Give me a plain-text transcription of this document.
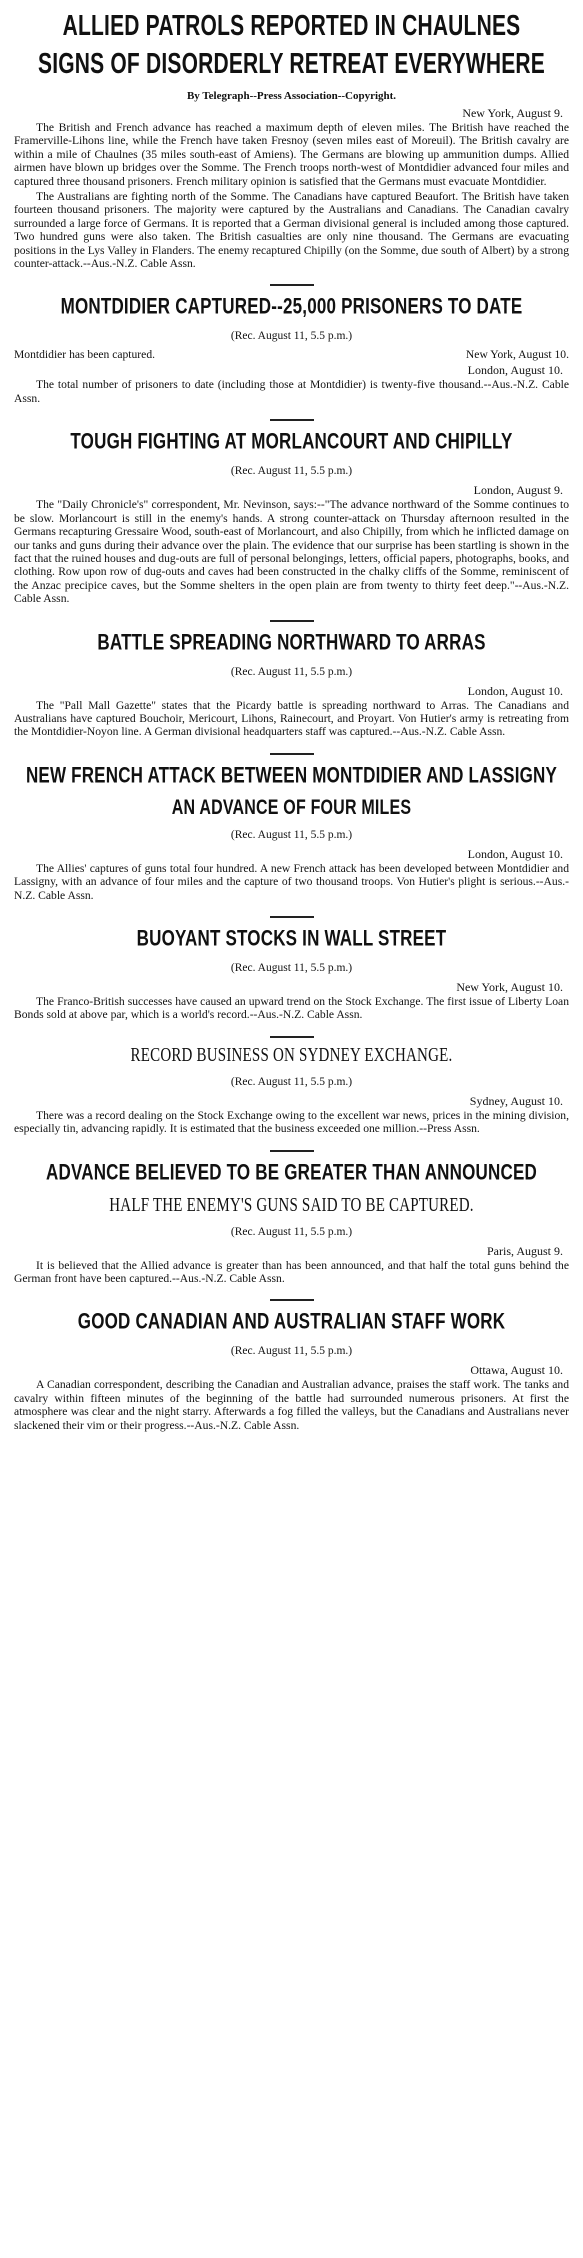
ALLIED PATROLS REPORTED IN CHAULNES
SIGNS OF DISORDERLY RETREAT EVERYWHERE
By Telegraph--Press Association--Copyright.
New York, August 9.

The British and French advance has reached a maximum depth of eleven miles. The British have reached the Framerville-Lihons line, while the French have taken Fresnoy (seven miles east of Moreuil). The British cavalry are within a mile of Chaulnes (35 miles south-east of Amiens). The Germans are blowing up ammunition dumps. Allied airmen have blown up bridges over the Somme. The French troops north-west of Montdidier advanced four miles and captured three thousand prisoners. French military opinion is satisfied that the Germans must evacuate Montdidier.

The Australians are fighting north of the Somme. The Canadians have captured Beaufort. The British have taken fourteen thousand prisoners. The majority were captured by the Australians and Canadians. The Canadian cavalry surrounded a large force of Germans. It is reported that a German divisional general is included among those captured. Two hundred guns were also taken. The British casualties are only nine thousand. The Germans are evacuating positions in the Lys Valley in Flanders. The enemy recaptured Chipilly (on the Somme, due south of Albert) by a strong counter-attack.--Aus.-N.Z. Cable Assn.

MONTDIDIER CAPTURED--25,000 PRISONERS TO DATE
(Rec. August 11, 5.5 p.m.)
Montdidier has been captured.	New York, August 10.
London, August 10.

The total number of prisoners to date (including those at Montdidier) is twenty-five thousand.--Aus.-N.Z. Cable Assn.

TOUGH FIGHTING AT MORLANCOURT AND CHIPILLY
(Rec. August 11, 5.5 p.m.)
London, August 9.

The "Daily Chronicle's" correspondent, Mr. Nevinson, says:--"The advance northward of the Somme continues to be slow. Morlancourt is still in the enemy's hands. A strong counter-attack on Thursday afternoon resulted in the Germans recapturing Gressaire Wood, south-east of Morlancourt, and also Chipilly, from which he inflicted damage on our tanks and guns during their advance over the plain. The evidence that our surprise has been startling is shown in the fact that the ruined houses and dug-outs are full of personal belongings, letters, official papers, photographs, books, and clothing. Row upon row of dug-outs and caves had been constructed in the chalky cliffs of the Somme, reminiscent of the Anzac precipice caves, but the Somme shelters in the open plain are from twenty to thirty feet deep."--Aus.-N.Z. Cable Assn.

BATTLE SPREADING NORTHWARD TO ARRAS
(Rec. August 11, 5.5 p.m.)
London, August 10.

The "Pall Mall Gazette" states that the Picardy battle is spreading northward to Arras. The Canadians and Australians have captured Bouchoir, Mericourt, Lihons, Rainecourt, and Proyart. Von Hutier's army is retreating from the Montdidier-Noyon line. A German divisional headquarters staff was captured.--Aus.-N.Z. Cable Assn.

NEW FRENCH ATTACK BETWEEN MONTDIDIER AND LASSIGNY
AN ADVANCE OF FOUR MILES
(Rec. August 11, 5.5 p.m.)
London, August 10.

The Allies' captures of guns total four hundred. A new French attack has been developed between Montdidier and Lassigny, with an advance of four miles and the capture of two thousand troops. Von Hutier's plight is serious.--Aus.-N.Z. Cable Assn.

BUOYANT STOCKS IN WALL STREET
(Rec. August 11, 5.5 p.m.)
New York, August 10.

The Franco-British successes have caused an upward trend on the Stock Exchange. The first issue of Liberty Loan Bonds sold at above par, which is a world's record.--Aus.-N.Z. Cable Assn.

RECORD BUSINESS ON SYDNEY EXCHANGE.
(Rec. August 11, 5.5 p.m.)
Sydney, August 10.

There was a record dealing on the Stock Exchange owing to the excellent war news, prices in the mining division, especially tin, advancing rapidly. It is estimated that the business exceeded one million.--Press Assn.

ADVANCE BELIEVED TO BE GREATER THAN ANNOUNCED
HALF THE ENEMY'S GUNS SAID TO BE CAPTURED.
(Rec. August 11, 5.5 p.m.)
Paris, August 9.

It is believed that the Allied advance is greater than has been announced, and that half the total guns behind the German front have been captured.--Aus.-N.Z. Cable Assn.

GOOD CANADIAN AND AUSTRALIAN STAFF WORK
(Rec. August 11, 5.5 p.m.)
Ottawa, August 10.

A Canadian correspondent, describing the Canadian and Australian advance, praises the staff work. The tanks and cavalry within fifteen minutes of the beginning of the battle had surrounded numerous prisoners. At first the atmosphere was clear and the night starry. Afterwards a fog filled the valleys, but the Canadians and Australians never slackened their vim or their progress.--Aus.-N.Z. Cable Assn.
